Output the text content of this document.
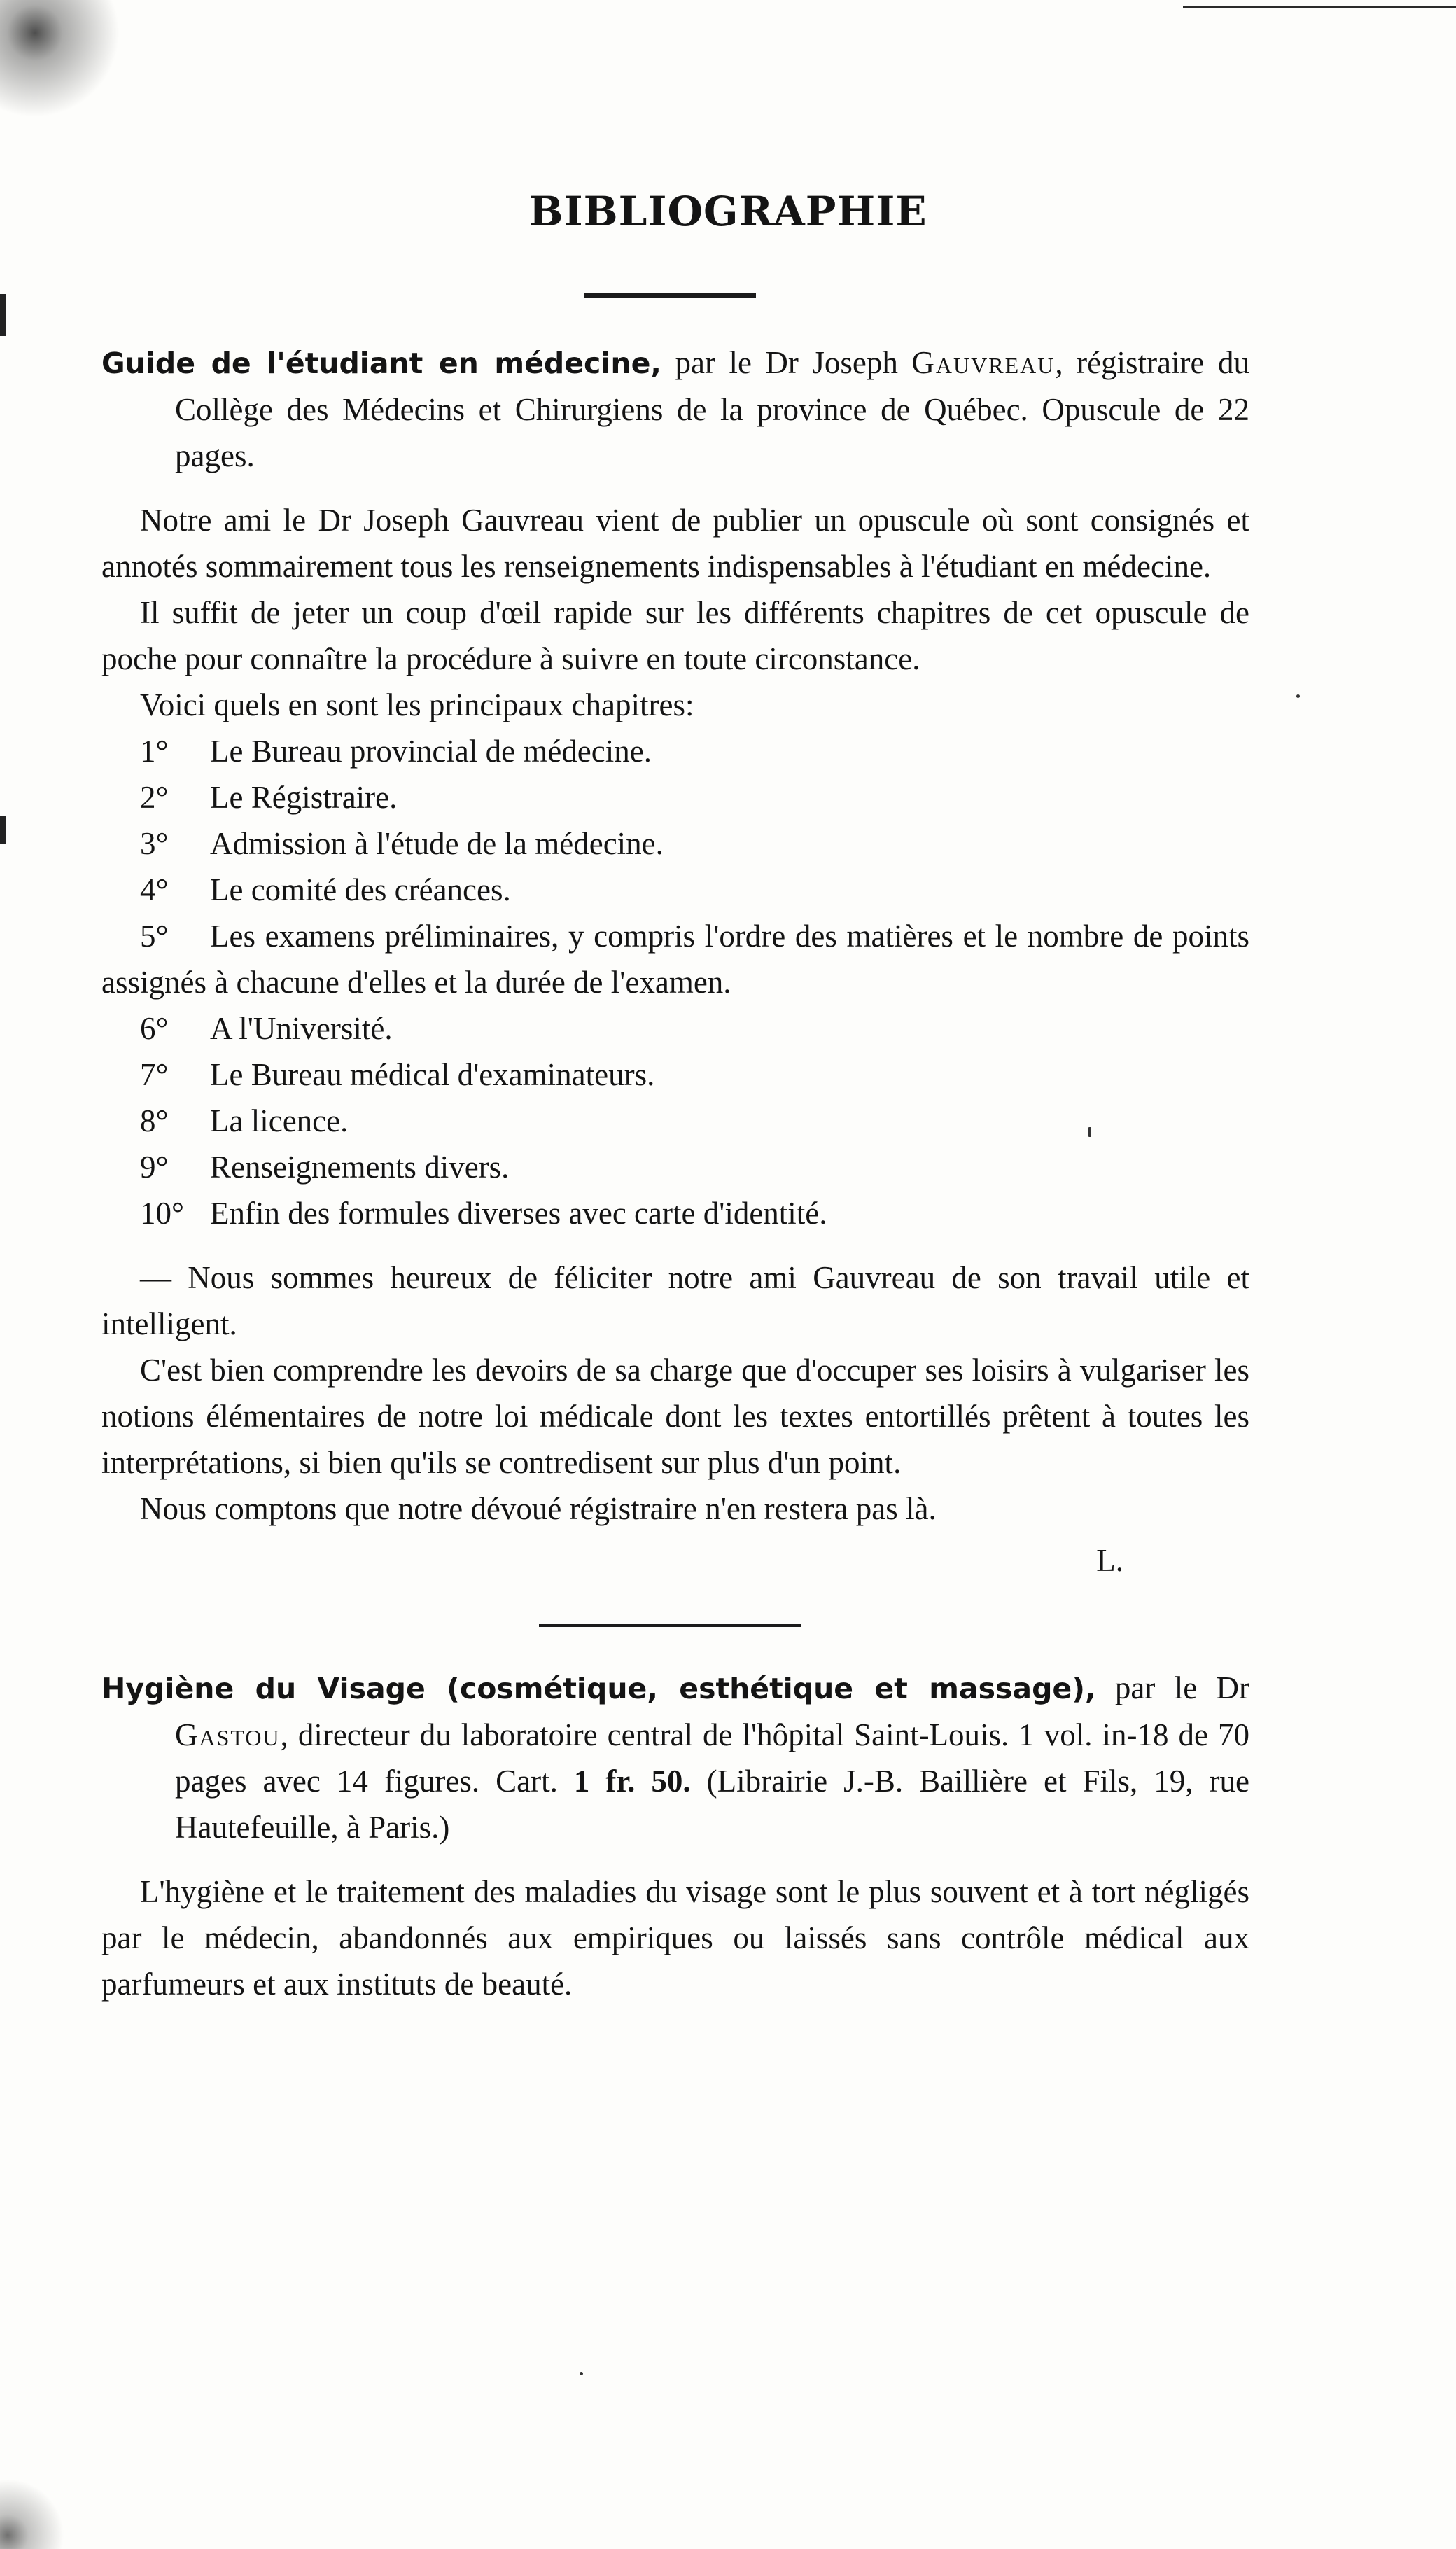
BIBLIOGRAPHIE

Guide de l'étudiant en médecine, par le Dr Joseph Gauvreau, régistraire du Collège des Médecins et Chirurgiens de la province de Québec. Opuscule de 22 pages.

Notre ami le Dr Joseph Gauvreau vient de publier un opuscule où sont consignés et annotés sommairement tous les renseignements indispensables à l'étudiant en médecine.

Il suffit de jeter un coup d'œil rapide sur les différents chapitres de cet opuscule de poche pour connaître la procédure à suivre en toute circonstance.

Voici quels en sont les principaux chapitres:

1° Le Bureau provincial de médecine.
2° Le Régistraire.
3° Admission à l'étude de la médecine.
4° Le comité des créances.
5° Les examens préliminaires, y compris l'ordre des matières et le nombre de points assignés à chacune d'elles et la durée de l'examen.
6° A l'Université.
7° Le Bureau médical d'examinateurs.
8° La licence.
9° Renseignements divers.
10° Enfin des formules diverses avec carte d'identité.

— Nous sommes heureux de féliciter notre ami Gauvreau de son travail utile et intelligent.

C'est bien comprendre les devoirs de sa charge que d'occuper ses loisirs à vulgariser les notions élémentaires de notre loi médicale dont les textes entortillés prêtent à toutes les interprétations, si bien qu'ils se contredisent sur plus d'un point.

Nous comptons que notre dévoué régistraire n'en restera pas là.

L.

Hygiène du Visage (cosmétique, esthétique et massage), par le Dr Gastou, directeur du laboratoire central de l'hôpital Saint-Louis. 1 vol. in-18 de 70 pages avec 14 figures. Cart. 1 fr. 50. (Librairie J.-B. Baillière et Fils, 19, rue Hautefeuille, à Paris.)

L'hygiène et le traitement des maladies du visage sont le plus souvent et à tort négligés par le médecin, abandonnés aux empiriques ou laissés sans contrôle médical aux parfumeurs et aux instituts de beauté.
